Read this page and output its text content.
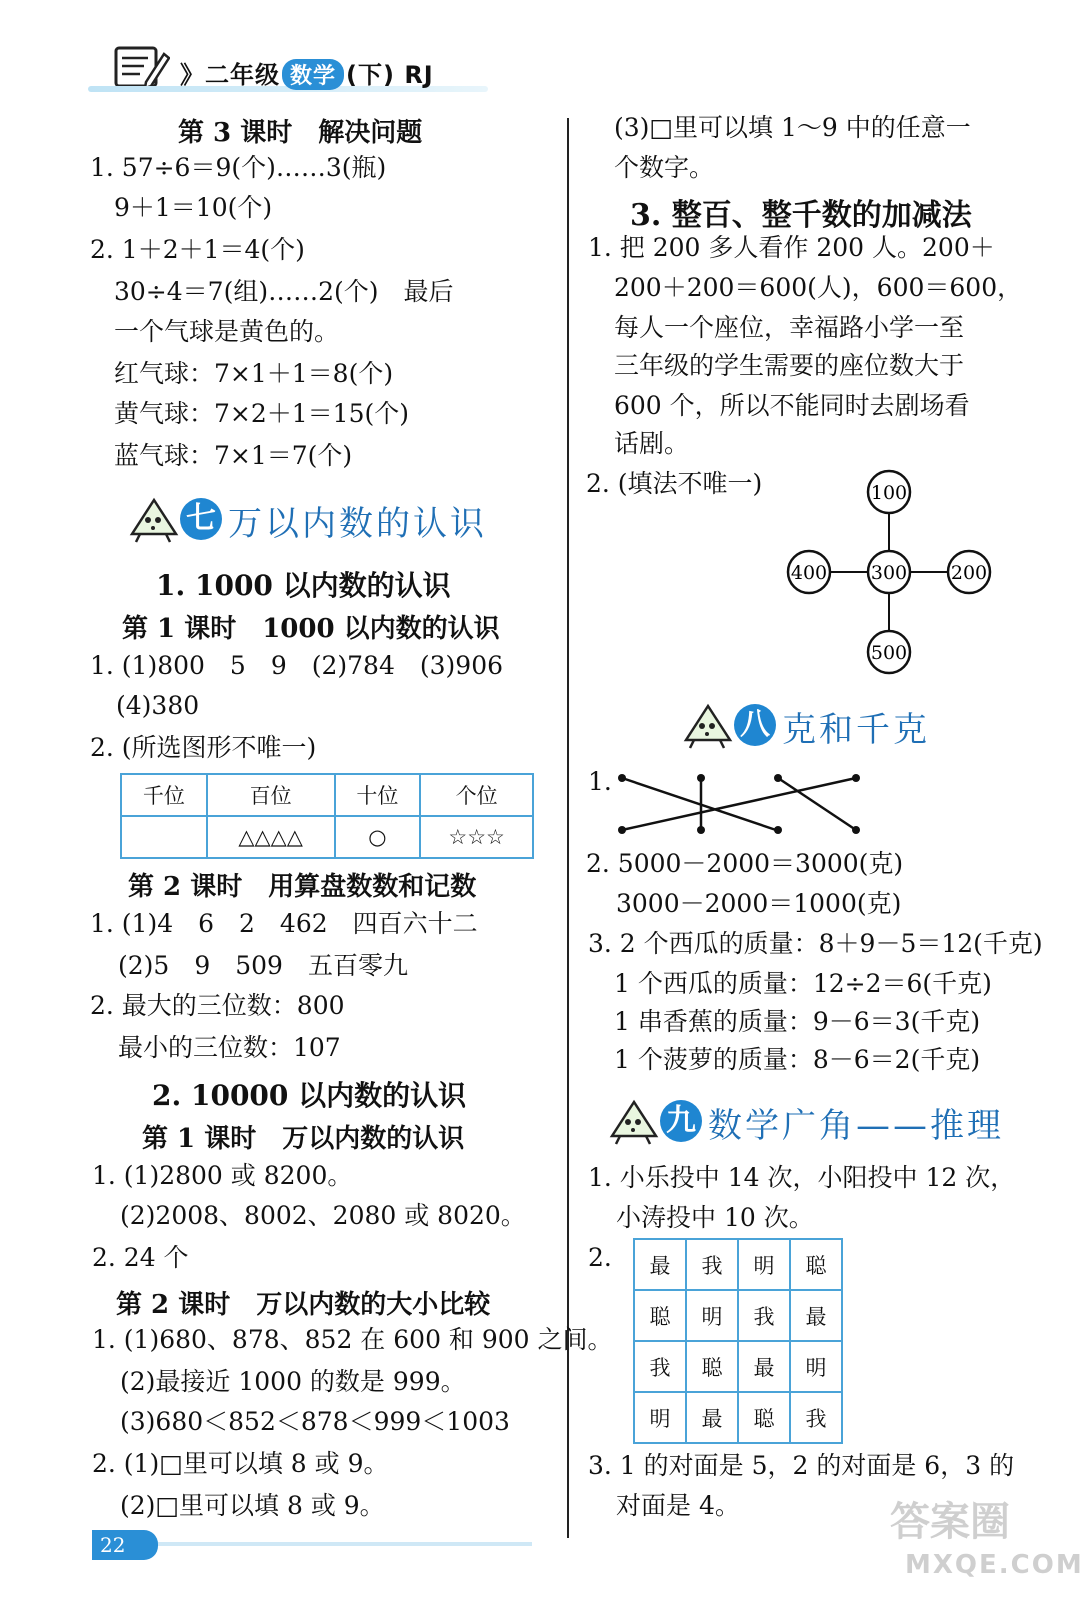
》二年级 数学 (下) RJ
第 3 课时　解决问题
1. 57÷6＝9(个)……3(瓶)
9＋1＝10(个)
2. 1＋2＋1＝4(个)
30÷4＝7(组)……2(个)　最后
一个气球是黄色的。
红气球：7×1＋1＝8(个)
黄气球：7×2＋1＝15(个)
蓝气球：7×1＝7(个)
七 万以内数的认识
1. 1000 以内数的认识
第 1 课时　1000 以内数的认识
1. (1)800　5　9　(2)784　(3)906
(4)380
2. (所选图形不唯一)
千位	百位	十位	个位
	△△△△	○	☆☆☆
第 2 课时　用算盘数数和记数
1. (1)4　6　2　462　四百六十二
(2)5　9　509　五百零九
2. 最大的三位数：800
最小的三位数：107
2. 10000 以内数的认识
第 1 课时　万以内数的认识
1. (1)2800 或 8200。
(2)2008、8002、2080 或 8020。
2. 24 个
第 2 课时　万以内数的大小比较
1. (1)680、878、852 在 600 和 900 之间。
(2)最接近 1000 的数是 999。
(3)680＜852＜878＜999＜1003
2. (1)□里可以填 8 或 9。
(2)□里可以填 8 或 9。
22
(3)□里可以填 1～9 中的任意一
个数字。
3. 整百、整千数的加减法
1. 把 200 多人看作 200 人。200＋
200＋200＝600(人)，600＝600，
每人一个座位，幸福路小学一至
三年级的学生需要的座位数大于
600 个，所以不能同时去剧场看
话剧。
2. (填法不唯一)	100
400 300 200
500
八 克和千克
1.
2. 5000－2000＝3000(克)
3000－2000＝1000(克)
3. 2 个西瓜的质量：8＋9－5＝12(千克)
1 个西瓜的质量：12÷2＝6(千克)
1 串香蕉的质量：9－6＝3(千克)
1 个菠萝的质量：8－6＝2(千克)
九 数学广角——推理
1. 小乐投中 14 次，小阳投中 12 次，
小涛投中 10 次。
2. 最	我	明	聪
聪	明	我	最
我	聪	最	明
明	最	聪	我
3. 1 的对面是 5，2 的对面是 6，3 的
对面是 4。	答案圈
MXQE.COM
